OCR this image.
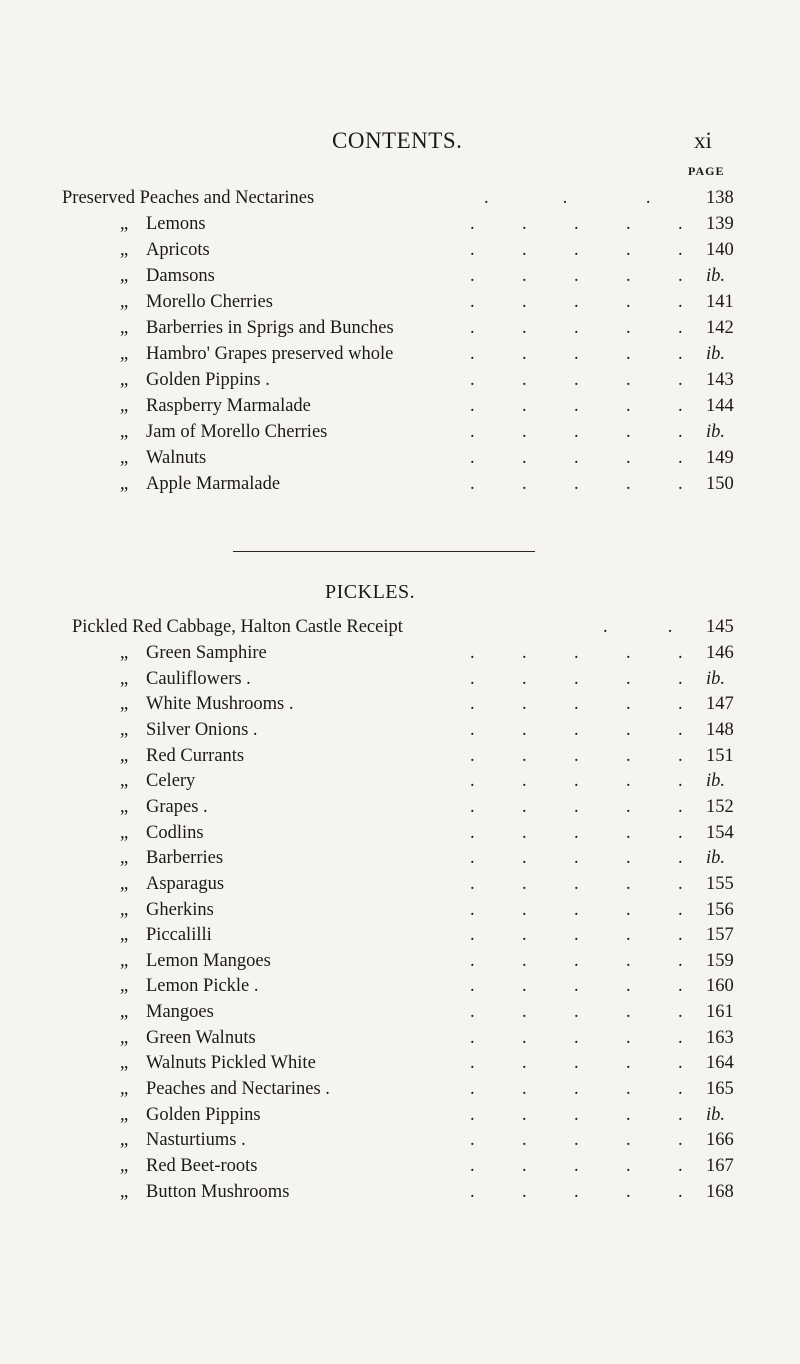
CONTENTS.	xi
PAGE
Preserved Peaches and Nectarines	.                .                 .	138
„ Lemons	.	.	.	.	. 139
„ Apricots	.	.	.	.	. 140
„ Damsons	.	.	.	.	. ib.
„ Morello Cherries	.	.	.	.	. 141
„ Barberries in Sprigs and Bunches	.	.	.	.	. 142
„ Hambro' Grapes preserved whole	.	.	.	.	. ib.
„ Golden Pippins .	.	.	.	.	. 143
„ Raspberry Marmalade	.	.	.	.	. 144
„ Jam of Morello Cherries	.	.	.	.	. ib.
„ Walnuts	.	.	.	.	. 149
„ Apple Marmalade	.	.	.	.	. 150
PICKLES.
Pickled Red Cabbage, Halton Castle Receipt	.             . 145
„ Green Samphire	.	.	.	.	. 146
„ Cauliflowers .	.	.	.	.	. ib.
„ White Mushrooms .	.	.	.	.	. 147
„ Silver Onions .	.	.	.	.	. 148
„ Red Currants	.	.	.	.	. 151
„ Celery	.	.	.	.	. ib.
„ Grapes .	.	.	.	.	. 152
„ Codlins	.	.	.	.	. 154
„ Barberries	.	.	.	.	. ib.
„ Asparagus	.	.	.	.	. 155
„ Gherkins	.	.	.	.	. 156
„ Piccalilli	.	.	.	.	. 157
„ Lemon Mangoes	.	.	.	.	. 159
„ Lemon Pickle .	.	.	.	.	. 160
„ Mangoes	.	.	.	.	. 161
„ Green Walnuts	.	.	.	.	. 163
„ Walnuts Pickled White	.	.	.	.	. 164
„ Peaches and Nectarines .	.	.	.	.	. 165
„ Golden Pippins	.	.	.	.	. ib.
„ Nasturtiums .	.	.	.	.	. 166
„ Red Beet-roots	.	.	.	.	. 167
„ Button Mushrooms	.	.	.	.	. 168
